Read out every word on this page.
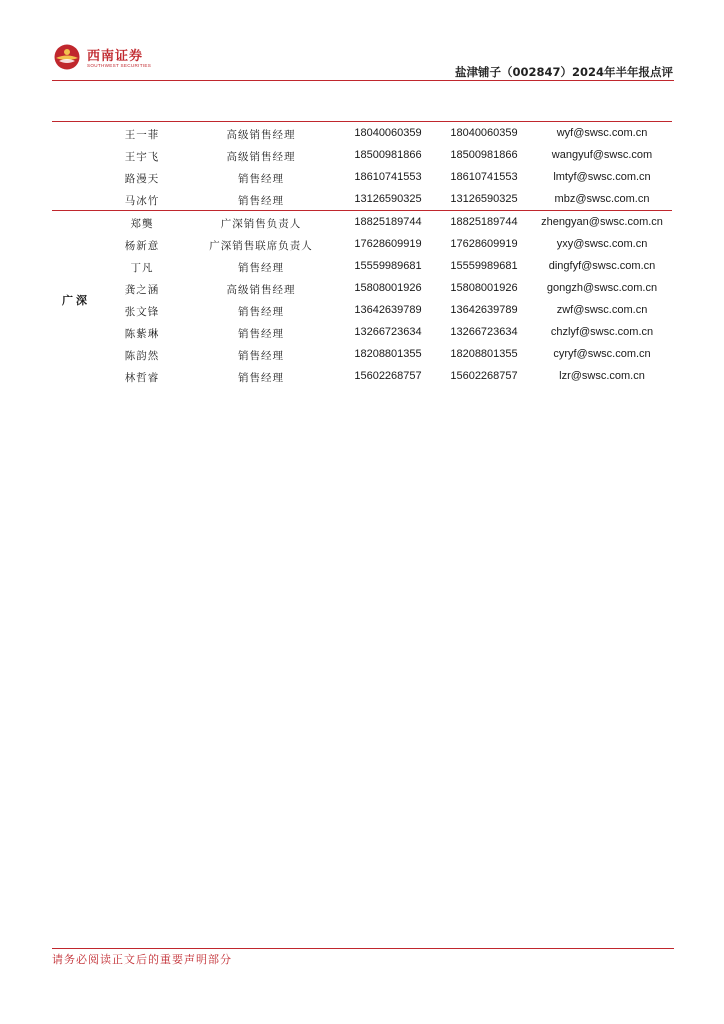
西南证券
SOUTHWEST SECURITIES	盐津铺子（002847）2024年半年报点评
广深
王一菲	高级销售经理	18040060359	18040060359	wyf@swsc.com.cn
王宇飞	高级销售经理	18500981866	18500981866	wangyuf@swsc.com
路漫天	销售经理	18610741553	18610741553	lmtyf@swsc.com.cn
马冰竹	销售经理	13126590325	13126590325	mbz@swsc.com.cn
郑龑	广深销售负责人	18825189744	18825189744	zhengyan@swsc.com.cn
杨新意	广深销售联席负责人	17628609919	17628609919	yxy@swsc.com.cn
丁凡	销售经理	15559989681	15559989681	dingfyf@swsc.com.cn
龚之涵	高级销售经理	15808001926	15808001926	gongzh@swsc.com.cn
张文锋	销售经理	13642639789	13642639789	zwf@swsc.com.cn
陈紫琳	销售经理	13266723634	13266723634	chzlyf@swsc.com.cn
陈韵然	销售经理	18208801355	18208801355	cyryf@swsc.com.cn
林哲睿	销售经理	15602268757	15602268757	lzr@swsc.com.cn
请务必阅读正文后的重要声明部分
